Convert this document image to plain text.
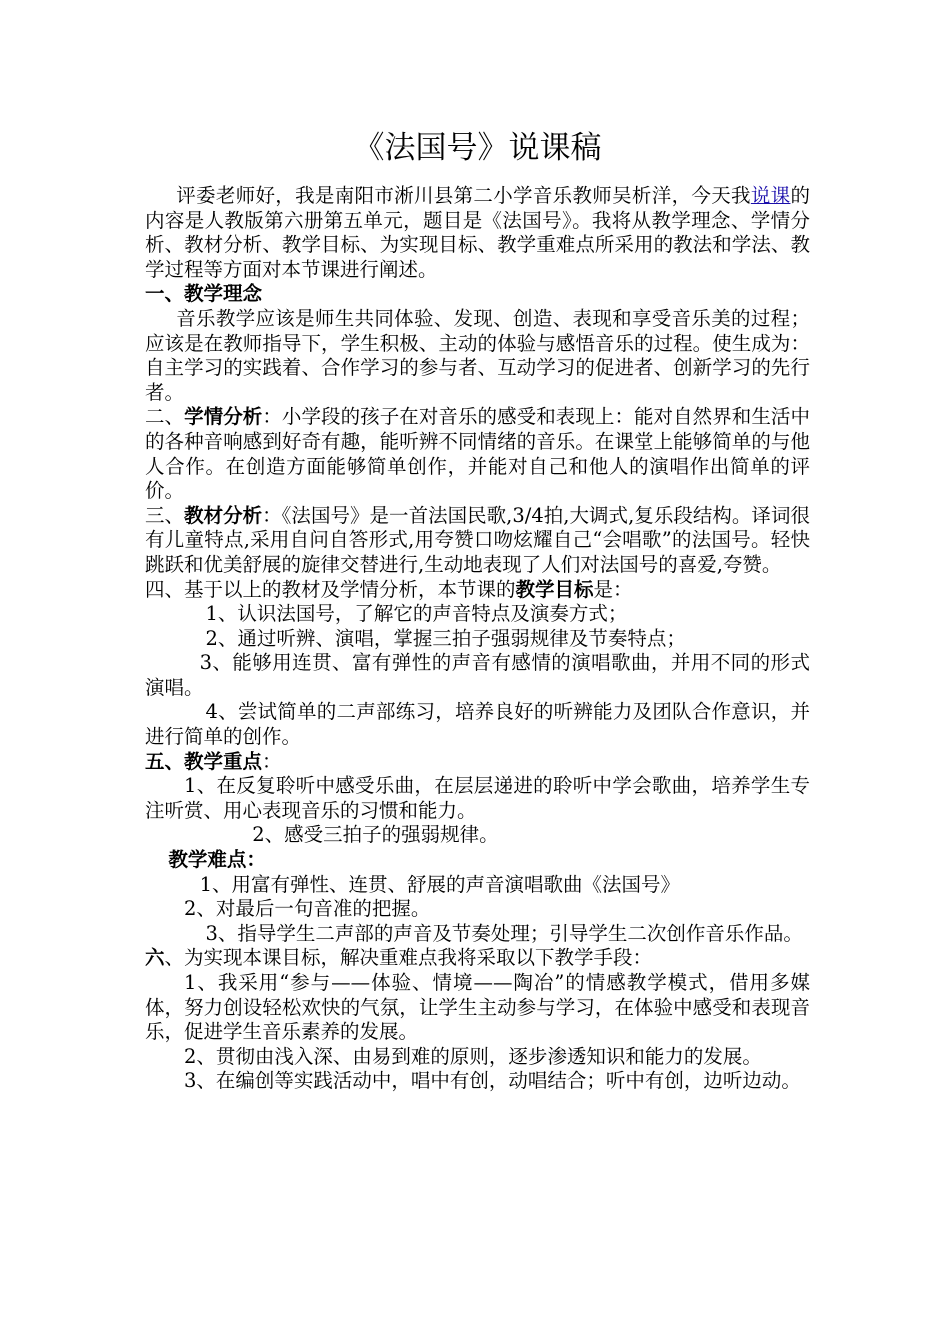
《法国号》说课稿

评委老师好，我是南阳市淅川县第二小学音乐教师吴析洋，今天我说课的内容是人教版第六册第五单元，题目是《法国号》。我将从教学理念、学情分析、教材分析、教学目标、为实现目标、教学重难点所采用的教法和学法、教学过程等方面对本节课进行阐述。

一、教学理念

音乐教学应该是师生共同体验、发现、创造、表现和享受音乐美的过程；应该是在教师指导下，学生积极、主动的体验与感悟音乐的过程。使生成为：自主学习的实践着、合作学习的参与者、互动学习的促进者、创新学习的先行者。

二、学情分析：小学段的孩子在对音乐的感受和表现上：能对自然界和生活中的各种音响感到好奇有趣，能听辨不同情绪的音乐。在课堂上能够简单的与他人合作。在创造方面能够简单创作，并能对自己和他人的演唱作出简单的评价。

三、教材分析：《法国号》是一首法国民歌,3/4拍,大调式,复乐段结构。译词很有儿童特点,采用自问自答形式,用夸赞口吻炫耀自己“会唱歌”的法国号。轻快跳跃和优美舒展的旋律交替进行,生动地表现了人们对法国号的喜爱,夸赞。

四、基于以上的教材及学情分析，本节课的教学目标是：

1、认识法国号，了解它的声音特点及演奏方式；

2、通过听辨、演唱，掌握三拍子强弱规律及节奏特点；

3、能够用连贯、富有弹性的声音有感情的演唱歌曲，并用不同的形式演唱。

4、尝试简单的二声部练习，培养良好的听辨能力及团队合作意识，并进行简单的创作。

五、教学重点：

1、在反复聆听中感受乐曲，在层层递进的聆听中学会歌曲，培养学生专注听赏、用心表现音乐的习惯和能力。

2、感受三拍子的强弱规律。

教学难点：

1、用富有弹性、连贯、舒展的声音演唱歌曲《法国号》

2、对最后一句音准的把握。

3、指导学生二声部的声音及节奏处理；引导学生二次创作音乐作品。

六、为实现本课目标，解决重难点我将采取以下教学手段：

1、我采用“参与——体验、情境——陶冶”的情感教学模式，借用多媒体，努力创设轻松欢快的气氛，让学生主动参与学习，在体验中感受和表现音乐，促进学生音乐素养的发展。

2、贯彻由浅入深、由易到难的原则，逐步渗透知识和能力的发展。

3、在编创等实践活动中，唱中有创，动唱结合；听中有创，边听边动。
